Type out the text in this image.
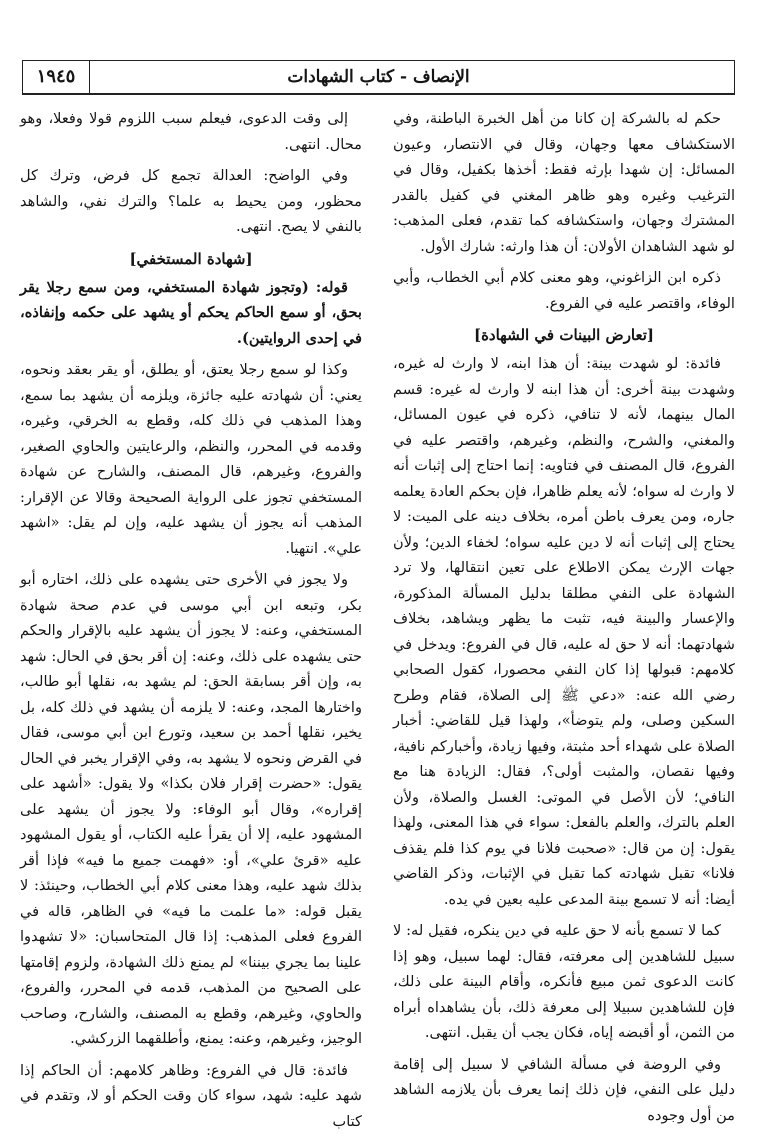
الإنصاف - كتاب الشهادات
١٩٤٥

حكم له بالشركة إن كانا من أهل الخبرة الباطنة، وفي الاستكشاف معها وجهان، وقال في الانتصار، وعيون المسائل: إن شهدا بإرثه فقط: أخذها بكفيل، وقال في الترغيب وغيره وهو ظاهر المغني في كفيل بالقدر المشترك وجهان، واستكشافه كما تقدم، فعلى المذهب: لو شهد الشاهدان الأولان: أن هذا وارثه: شارك الأول.

ذكره ابن الزاغوني، وهو معنى كلام أبي الخطاب، وأبي الوفاء، واقتصر عليه في الفروع.

[تعارض البينات في الشهادة]

فائدة: لو شهدت بينة: أن هذا ابنه، لا وارث له غيره، وشهدت بينة أخرى: أن هذا ابنه لا وارث له غيره: قسم المال بينهما، لأنه لا تنافي، ذكره في عيون المسائل، والمغني، والشرح، والنظم، وغيرهم، واقتصر عليه في الفروع، قال المصنف في فتاويه: إنما احتاج إلى إثبات أنه لا وارث له سواه؛ لأنه يعلم ظاهرا، فإن بحكم العادة يعلمه جاره، ومن يعرف باطن أمره، بخلاف دينه على الميت: لا يحتاج إلى إثبات أنه لا دين عليه سواه؛ لخفاء الدين؛ ولأن جهات الإرث يمكن الاطلاع على تعين انتقالها، ولا ترد الشهادة على النفي مطلقا بدليل المسألة المذكورة، والإعسار والبينة فيه، تثبت ما يظهر ويشاهد، بخلاف شهادتهما: أنه لا حق له عليه، قال في الفروع: ويدخل في كلامهم: قبولها إذا كان النفي محصورا، كقول الصحابي رضي الله عنه: «دعي ﷺ إلى الصلاة، فقام وطرح السكين وصلى، ولم يتوضأ»، ولهذا قيل للقاضي: أخبار الصلاة على شهداء أحد مثبتة، وفيها زيادة، وأخباركم نافية، وفيها نقصان، والمثبت أولى؟، فقال: الزيادة هنا مع النافي؛ لأن الأصل في الموتى: الغسل والصلاة، ولأن العلم بالترك، والعلم بالفعل: سواء في هذا المعنى، ولهذا يقول: إن من قال: «صحبت فلانا في يوم كذا فلم يقذف فلانا» تقبل شهادته كما تقبل في الإثبات، وذكر القاضي أيضا: أنه لا تسمع بينة المدعى عليه بعين في يده.

كما لا تسمع بأنه لا حق عليه في دين ينكره، فقيل له: لا سبيل للشاهدين إلى معرفته، فقال: لهما سبيل، وهو إذا كانت الدعوى ثمن مبيع فأنكره، وأقام البينة على ذلك، فإن للشاهدين سبيلا إلى معرفة ذلك، بأن يشاهداه أبراه من الثمن، أو أقبضه إياه، فكان يجب أن يقبل. انتهى.

وفي الروضة في مسألة الشافي لا سبيل إلى إقامة دليل على النفي، فإن ذلك إنما يعرف بأن يلازمه الشاهد من أول وجوده

إلى وقت الدعوى، فيعلم سبب اللزوم قولا وفعلا، وهو محال. انتهى.

وفي الواضح: العدالة تجمع كل فرض، وترك كل محظور، ومن يحيط به علما؟ والترك نفي، والشاهد بالنفي لا يصح. انتهى.

[شهادة المستخفي]

قوله: (وتجوز شهادة المستخفي، ومن سمع رجلا يقر بحق، أو سمع الحاكم يحكم أو يشهد على حكمه وإنفاذه، في إحدى الروايتين).

وكذا لو سمع رجلا يعتق، أو يطلق، أو يقر بعقد ونحوه، يعني: أن شهادته عليه جائزة، ويلزمه أن يشهد بما سمع، وهذا المذهب في ذلك كله، وقطع به الخرقي، وغيره، وقدمه في المحرر، والنظم، والرعايتين والحاوي الصغير، والفروع، وغيرهم، قال المصنف، والشارح عن شهادة المستخفي تجوز على الرواية الصحيحة وقالا عن الإقرار: المذهب أنه يجوز أن يشهد عليه، وإن لم يقل: «اشهد علي». انتهيا.

ولا يجوز في الأخرى حتى يشهده على ذلك، اختاره أبو بكر، وتبعه ابن أبي موسى في عدم صحة شهادة المستخفي، وعنه: لا يجوز أن يشهد عليه بالإقرار والحكم حتى يشهده على ذلك، وعنه: إن أقر بحق في الحال: شهد به، وإن أقر بسابقة الحق: لم يشهد به، نقلها أبو طالب، واختارها المجد، وعنه: لا يلزمه أن يشهد في ذلك كله، بل يخير، نقلها أحمد بن سعيد، وتورع ابن أبي موسى، فقال في القرض ونحوه لا يشهد به، وفي الإقرار يخبر في الحال يقول: «حضرت إقرار فلان بكذا» ولا يقول: «أشهد على إقراره»، وقال أبو الوفاء: ولا يجوز أن يشهد على المشهود عليه، إلا أن يقرأ عليه الكتاب، أو يقول المشهود عليه «قرئ علي»، أو: «فهمت جميع ما فيه» فإذا أقر بذلك شهد عليه، وهذا معنى كلام أبي الخطاب، وحينئذ: لا يقبل قوله: «ما علمت ما فيه» في الظاهر، قاله في الفروع فعلى المذهب: إذا قال المتحاسبان: «لا تشهدوا علينا بما يجري بيننا» لم يمنع ذلك الشهادة، ولزوم إقامتها على الصحيح من المذهب، قدمه في المحرر، والفروع، والحاوي، وغيرهم، وقطع به المصنف، والشارح، وصاحب الوجيز، وغيرهم، وعنه: يمنع، وأطلقهما الزركشي.

فائدة: قال في الفروع: وظاهر كلامهم: أن الحاكم إذا شهد عليه: شهد، سواء كان وقت الحكم أو لا، وتقدم في كتاب
